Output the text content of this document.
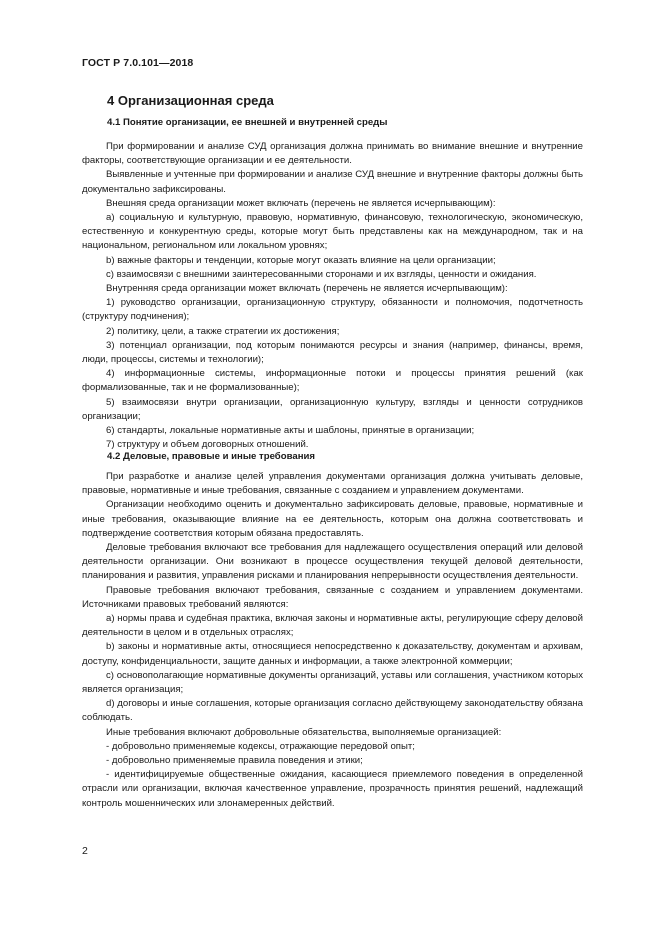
ГОСТ Р 7.0.101—2018
4 Организационная среда
4.1 Понятие организации, ее внешней и внутренней среды

При формировании и анализе СУД организация должна принимать во внимание внешние и внутренние факторы, соответствующие организации и ее деятельности.

Выявленные и учтенные при формировании и анализе СУД внешние и внутренние факторы должны быть документально зафиксированы.

Внешняя среда организации может включать (перечень не является исчерпывающим):

а) социальную и культурную, правовую, нормативную, финансовую, технологическую, экономическую, естественную и конкурентную среды, которые могут быть представлены как на международном, так и на национальном, региональном или локальном уровнях;

b) важные факторы и тенденции, которые могут оказать влияние на цели организации;

c) взаимосвязи с внешними заинтересованными сторонами и их взгляды, ценности и ожидания.

Внутренняя среда организации может включать (перечень не является исчерпывающим):

1) руководство организации, организационную структуру, обязанности и полномочия, подотчетность (структуру подчинения);

2) политику, цели, а также стратегии их достижения;

3) потенциал организации, под которым понимаются ресурсы и знания (например, финансы, время, люди, процессы, системы и технологии);

4) информационные системы, информационные потоки и процессы принятия решений (как формализованные, так и не формализованные);

5) взаимосвязи внутри организации, организационную культуру, взгляды и ценности сотрудников организации;

6) стандарты, локальные нормативные акты и шаблоны, принятые в организации;

7) структуру и объем договорных отношений.

4.2 Деловые, правовые и иные требования

При разработке и анализе целей управления документами организация должна учитывать деловые, правовые, нормативные и иные требования, связанные с созданием и управлением документами.

Организации необходимо оценить и документально зафиксировать деловые, правовые, нормативные и иные требования, оказывающие влияние на ее деятельность, которым она должна соответствовать и подтверждение соответствия которым обязана предоставлять.

Деловые требования включают все требования для надлежащего осуществления операций или деловой деятельности организации. Они возникают в процессе осуществления текущей деловой деятельности, планирования и развития, управления рисками и планирования непрерывности осуществления деятельности.

Правовые требования включают требования, связанные с созданием и управлением документами. Источниками правовых требований являются:

а) нормы права и судебная практика, включая законы и нормативные акты, регулирующие сферу деловой деятельности в целом и в отдельных отраслях;

b) законы и нормативные акты, относящиеся непосредственно к доказательству, документам и архивам, доступу, конфиденциальности, защите данных и информации, а также электронной коммерции;

c) основополагающие нормативные документы организаций, уставы или соглашения, участником которых является организация;

d) договоры и иные соглашения, которые организация согласно действующему законодательству обязана соблюдать.

Иные требования включают добровольные обязательства, выполняемые организацией:

- добровольно применяемые кодексы, отражающие передовой опыт;

- добровольно применяемые правила поведения и этики;

- идентифицируемые общественные ожидания, касающиеся приемлемого поведения в определенной отрасли или организации, включая качественное управление, прозрачность принятия решений, надлежащий контроль мошеннических или злонамеренных действий.

2
